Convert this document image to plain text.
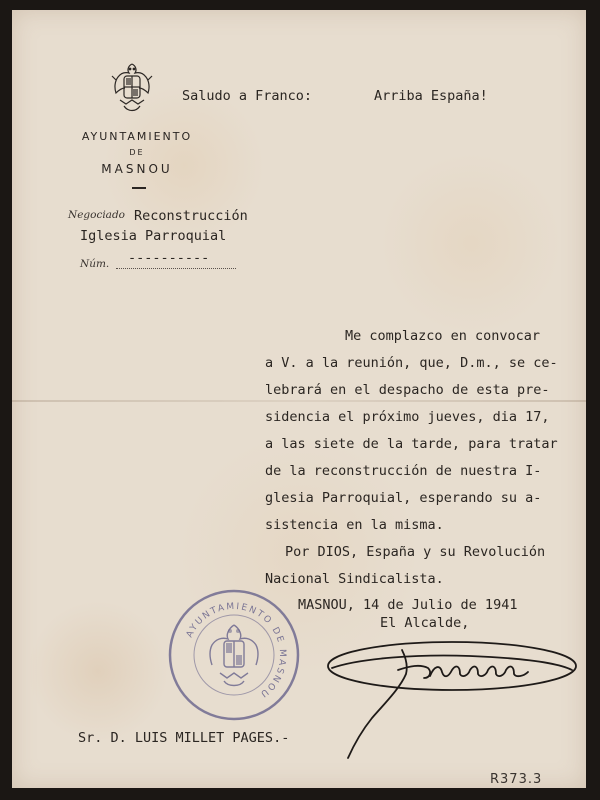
AYUNTAMIENTO
DE
MASNOU
Saludo a Franco:	Arriba España!
Negociado Reconstrucción
Iglesia Parroquial
Núm. ----------
Me complazco en convocar
a V. a la reunión, que, D.m., se ce-
lebrará en el despacho de esta pre-
sidencia el próximo jueves, dia 17,
a las siete de la tarde, para tratar
de la reconstrucción de nuestra I-
glesia Parroquial, esperando su a-
sistencia en la misma.
Por DIOS, España y su Revolución
Nacional Sindicalista.
MASNOU, 14 de Julio de 1941
El Alcalde,
AYUNTAMIENTO DE MASNOU
Sr. D. LUIS MILLET PAGES.-
R373.3
